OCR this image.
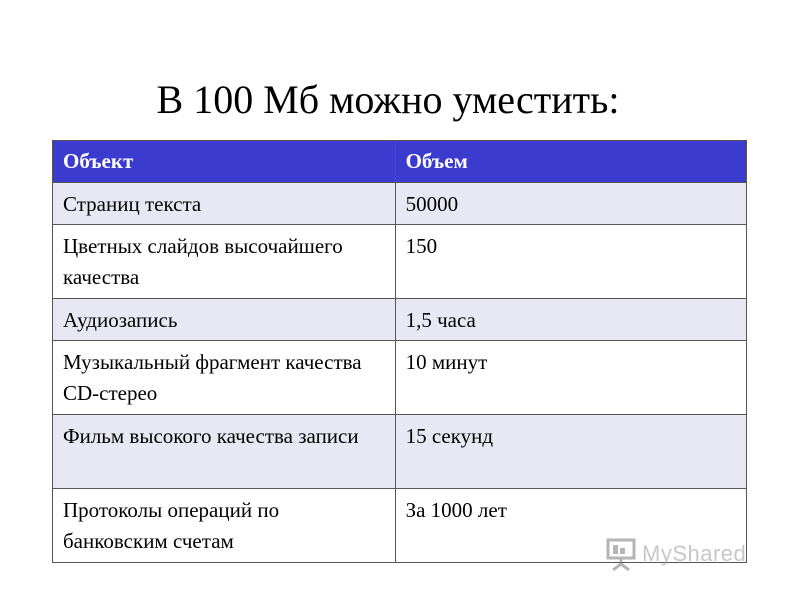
В 100 Мб можно уместить:
Объект	Объем
Страниц текста	50000
Цветных слайдов высочайшего качества	150
Аудиозапись	1,5 часа
Музыкальный фрагмент качества CD-стерео	10 минут
Фильм высокого качества записи	15 секунд
Протоколы операций по банковским счетам	За 1000 лет
MyShared
